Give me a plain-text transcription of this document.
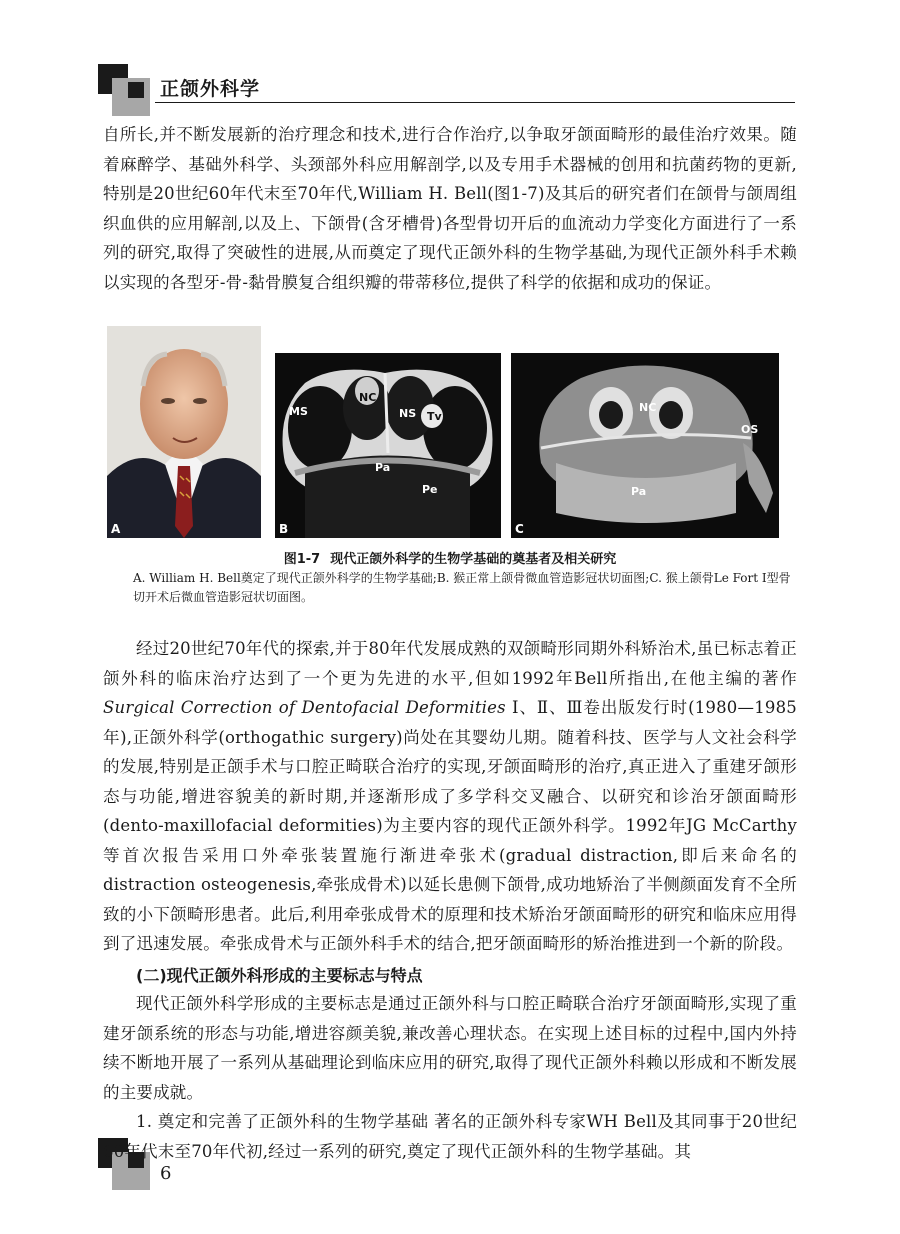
正颌外科学

自所长,并不断发展新的治疗理念和技术,进行合作治疗,以争取牙颌面畸形的最佳治疗效果。随着麻醉学、基础外科学、头颈部外科应用解剖学,以及专用手术器械的创用和抗菌药物的更新,特别是20世纪60年代末至70年代,William H. Bell(图1-7)及其后的研究者们在颌骨与颌周组织血供的应用解剖,以及上、下颌骨(含牙槽骨)各型骨切开后的血流动力学变化方面进行了一系列的研究,取得了突破性的进展,从而奠定了现代正颌外科的生物学基础,为现代正颌外科手术赖以实现的各型牙-骨-黏骨膜复合组织瓣的带蒂移位,提供了科学的依据和成功的保证。

A
MS
NC
NS Tv
Pa
Pe
B
NC
OS
Pa
C

图1-7 现代正颌外科学的生物学基础的奠基者及相关研究

A. William H. Bell奠定了现代正颌外科学的生物学基础;B. 猴正常上颌骨微血管造影冠状切面图;C. 猴上颌骨Le Fort Ⅰ型骨切开术后微血管造影冠状切面图。

经过20世纪70年代的探索,并于80年代发展成熟的双颌畸形同期外科矫治术,虽已标志着正颌外科的临床治疗达到了一个更为先进的水平,但如1992年Bell所指出,在他主编的著作Surgical Correction of Dentofacial Deformities Ⅰ、Ⅱ、Ⅲ卷出版发行时(1980—1985年),正颌外科学(orthogathic surgery)尚处在其婴幼儿期。随着科技、医学与人文社会科学的发展,特别是正颌手术与口腔正畸联合治疗的实现,牙颌面畸形的治疗,真正进入了重建牙颌形态与功能,增进容貌美的新时期,并逐渐形成了多学科交叉融合、以研究和诊治牙颌面畸形(dento-maxillofacial deformities)为主要内容的现代正颌外科学。1992年JG McCarthy等首次报告采用口外牵张装置施行渐进牵张术(gradual distraction,即后来命名的distraction osteogenesis,牵张成骨术)以延长患侧下颌骨,成功地矫治了半侧颜面发育不全所致的小下颌畸形患者。此后,利用牵张成骨术的原理和技术矫治牙颌面畸形的研究和临床应用得到了迅速发展。牵张成骨术与正颌外科手术的结合,把牙颌面畸形的矫治推进到一个新的阶段。

(二)现代正颌外科形成的主要标志与特点

现代正颌外科学形成的主要标志是通过正颌外科与口腔正畸联合治疗牙颌面畸形,实现了重建牙颌系统的形态与功能,增进容颜美貌,兼改善心理状态。在实现上述目标的过程中,国内外持续不断地开展了一系列从基础理论到临床应用的研究,取得了现代正颌外科赖以形成和不断发展的主要成就。

6

1. 奠定和完善了正颌外科的生物学基础 著名的正颌外科专家WH Bell及其同事于20世纪60年代末至70年代初,经过一系列的研究,奠定了现代正颌外科的生物学基础。其
